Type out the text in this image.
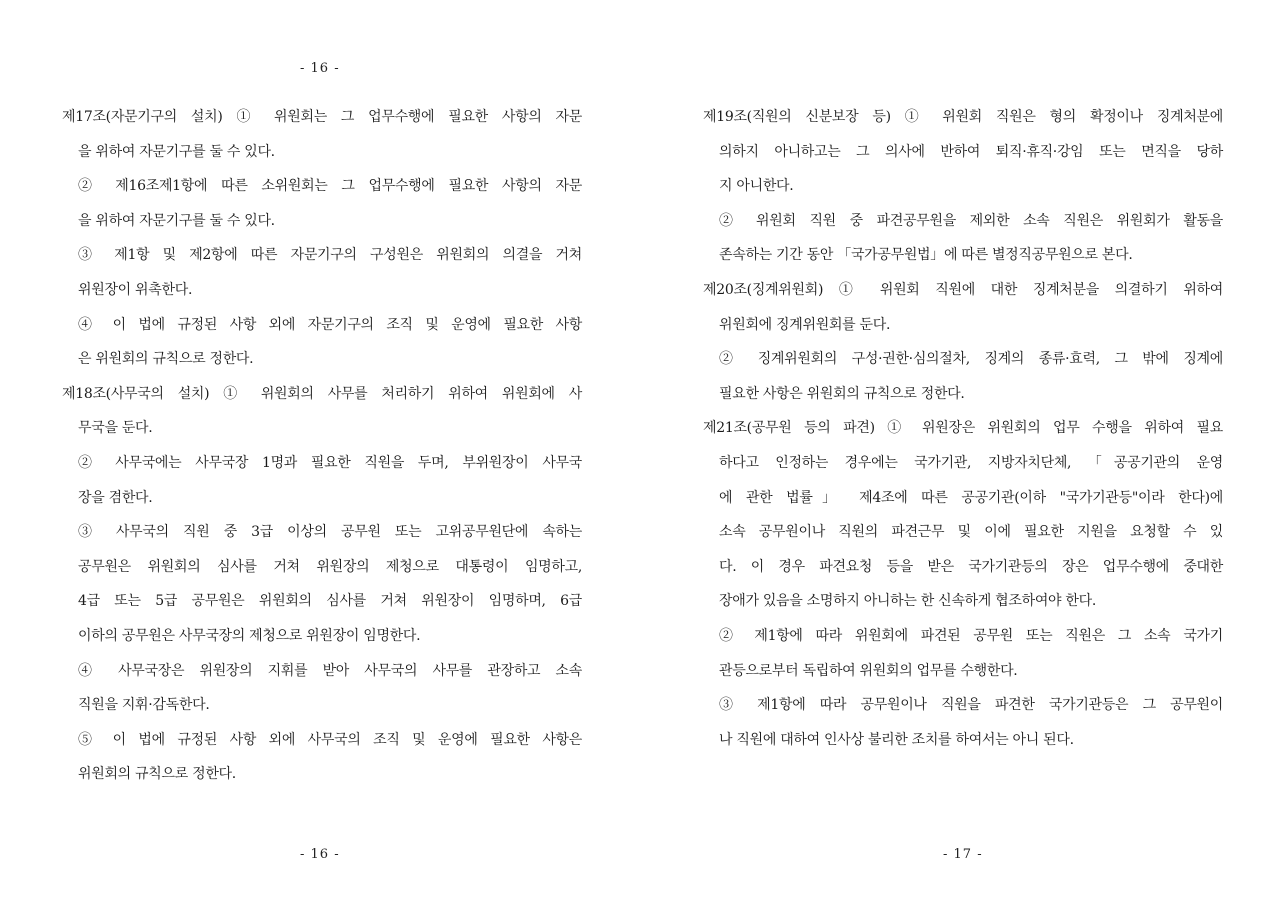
- 16 -
제17조(자문기구의 설치) ① 위원회는 그 업무수행에 필요한 사항의 자문
을 위하여 자문기구를 둘 수 있다.
② 제16조제1항에 따른 소위원회는 그 업무수행에 필요한 사항의 자문
을 위하여 자문기구를 둘 수 있다.
③ 제1항 및 제2항에 따른 자문기구의 구성원은 위원회의 의결을 거쳐
위원장이 위촉한다.
④ 이 법에 규정된 사항 외에 자문기구의 조직 및 운영에 필요한 사항
은 위원회의 규칙으로 정한다.
제18조(사무국의 설치) ① 위원회의 사무를 처리하기 위하여 위원회에 사
무국을 둔다.
② 사무국에는 사무국장 1명과 필요한 직원을 두며, 부위원장이 사무국
장을 겸한다.
③ 사무국의 직원 중 3급 이상의 공무원 또는 고위공무원단에 속하는
공무원은 위원회의 심사를 거쳐 위원장의 제청으로 대통령이 임명하고,
4급 또는 5급 공무원은 위원회의 심사를 거쳐 위원장이 임명하며, 6급
이하의 공무원은 사무국장의 제청으로 위원장이 임명한다.
④ 사무국장은 위원장의 지휘를 받아 사무국의 사무를 관장하고 소속
직원을 지휘·감독한다.
⑤ 이 법에 규정된 사항 외에 사무국의 조직 및 운영에 필요한 사항은
위원회의 규칙으로 정한다.
제19조(직원의 신분보장 등) ① 위원회 직원은 형의 확정이나 징계처분에
의하지 아니하고는 그 의사에 반하여 퇴직·휴직·강임 또는 면직을 당하
지 아니한다.
② 위원회 직원 중 파견공무원을 제외한 소속 직원은 위원회가 활동을
존속하는 기간 동안 「국가공무원법」에 따른 별정직공무원으로 본다.
제20조(징계위원회) ① 위원회 직원에 대한 징계처분을 의결하기 위하여
위원회에 징계위원회를 둔다.
② 징계위원회의 구성·권한·심의절차, 징계의 종류·효력, 그 밖에 징계에
필요한 사항은 위원회의 규칙으로 정한다.
제21조(공무원 등의 파견) ① 위원장은 위원회의 업무 수행을 위하여 필요
하다고 인정하는 경우에는 국가기관, 지방자치단체, 「공공기관의 운영
에 관한 법률」 제4조에 따른 공공기관(이하 "국가기관등"이라 한다)에
소속 공무원이나 직원의 파견근무 및 이에 필요한 지원을 요청할 수 있
다. 이 경우 파견요청 등을 받은 국가기관등의 장은 업무수행에 중대한
장애가 있음을 소명하지 아니하는 한 신속하게 협조하여야 한다.
② 제1항에 따라 위원회에 파견된 공무원 또는 직원은 그 소속 국가기
관등으로부터 독립하여 위원회의 업무를 수행한다.
③ 제1항에 따라 공무원이나 직원을 파견한 국가기관등은 그 공무원이
나 직원에 대하여 인사상 불리한 조치를 하여서는 아니 된다.
- 16 -	- 17 -
